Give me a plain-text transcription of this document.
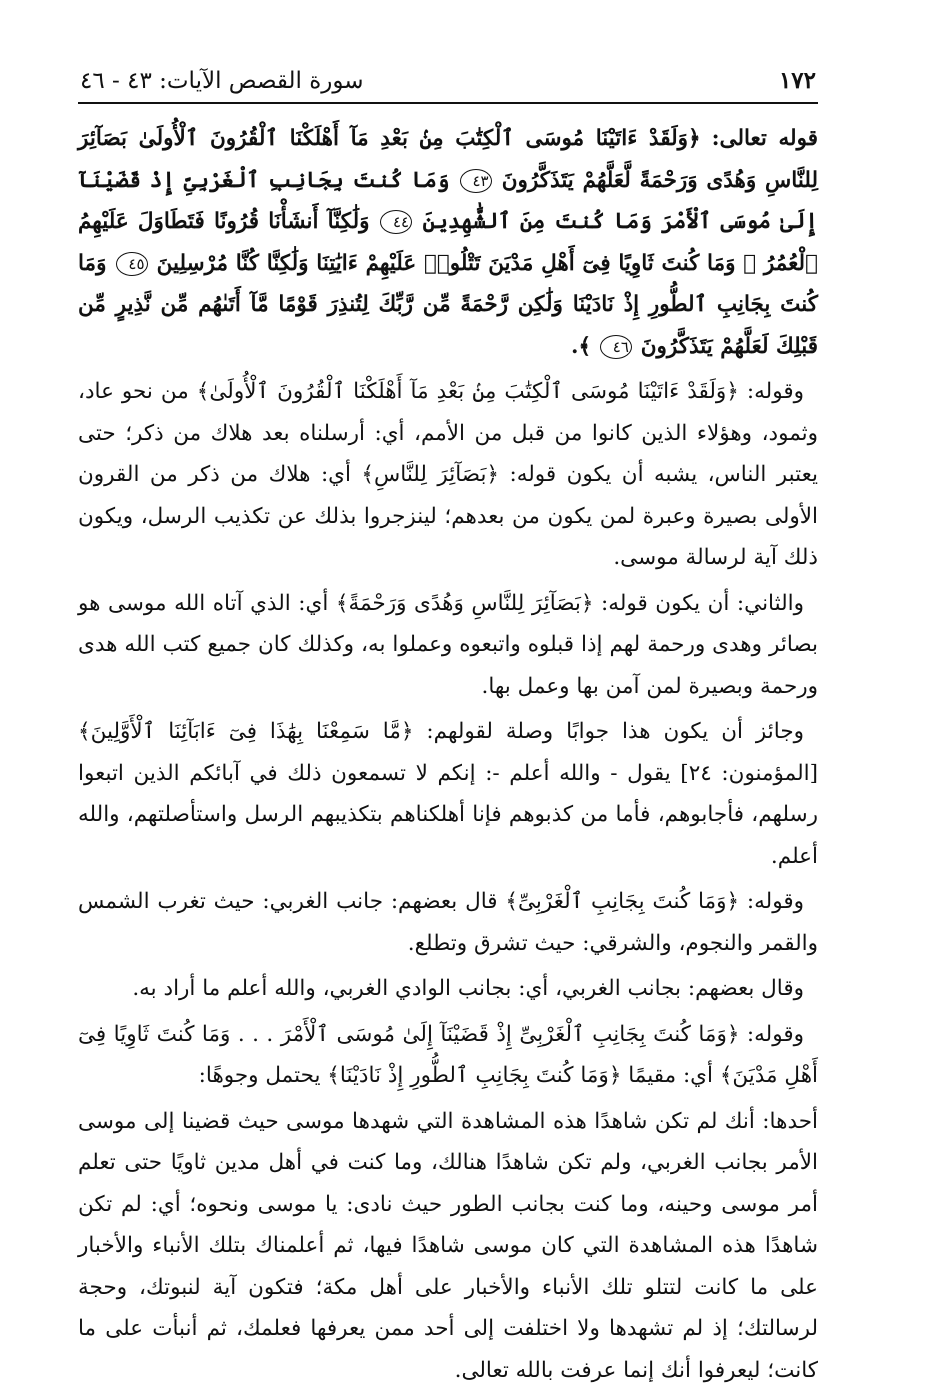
١٧٢
سورة القصص الآيات: ٤٣ - ٤٦

قوله تعالى: ﴿وَلَقَدْ ءَاتَيْنَا مُوسَى ٱلْكِتَٰبَ مِنۢ بَعْدِ مَآ أَهْلَكْنَا ٱلْقُرُونَ ٱلْأُولَىٰ بَصَآئِرَ لِلنَّاسِ وَهُدًى وَرَحْمَةً لَّعَلَّهُمْ يَتَذَكَّرُونَ ٤٣ وَمَا كُنتَ بِجَانِبِ ٱلْغَرْبِىِّ إِذْ قَضَيْنَآ إِلَىٰ مُوسَى ٱلْأَمْرَ وَمَا كُنتَ مِنَ ٱلشَّٰهِدِينَ ٤٤ وَلَٰكِنَّآ أَنشَأْنَا قُرُونًا فَتَطَاوَلَ عَلَيْهِمُ ٱلْعُمُرُ ۚ وَمَا كُنتَ ثَاوِيًا فِىٓ أَهْلِ مَدْيَنَ تَتْلُوا۟ عَلَيْهِمْ ءَايَٰتِنَا وَلَٰكِنَّا كُنَّا مُرْسِلِينَ ٤٥ وَمَا كُنتَ بِجَانِبِ ٱلطُّورِ إِذْ نَادَيْنَا وَلَٰكِن رَّحْمَةً مِّن رَّبِّكَ لِتُنذِرَ قَوْمًا مَّآ أَتَىٰهُم مِّن نَّذِيرٍ مِّن قَبْلِكَ لَعَلَّهُمْ يَتَذَكَّرُونَ ٤٦ ﴾.

وقوله: ﴿وَلَقَدْ ءَاتَيْنَا مُوسَى ٱلْكِتَٰبَ مِنۢ بَعْدِ مَآ أَهْلَكْنَا ٱلْقُرُونَ ٱلْأُولَىٰ﴾ من نحو عاد، وثمود، وهؤلاء الذين كانوا من قبل من الأمم، أي: أرسلناه بعد هلاك من ذكر؛ حتى يعتبر الناس، يشبه أن يكون قوله: ﴿بَصَآئِرَ لِلنَّاسِ﴾ أي: هلاك من ذكر من القرون الأولى بصيرة وعبرة لمن يكون من بعدهم؛ لينزجروا بذلك عن تكذيب الرسل، ويكون ذلك آية لرسالة موسى.

والثاني: أن يكون قوله: ﴿بَصَآئِرَ لِلنَّاسِ وَهُدًى وَرَحْمَةً﴾ أي: الذي آتاه الله موسى هو بصائر وهدى ورحمة لهم إذا قبلوه واتبعوه وعملوا به، وكذلك كان جميع كتب الله هدى ورحمة وبصيرة لمن آمن بها وعمل بها.

وجائز أن يكون هذا جوابًا وصلة لقولهم: ﴿مَّا سَمِعْنَا بِهَٰذَا فِىٓ ءَابَآئِنَا ٱلْأَوَّلِينَ﴾ [المؤمنون: ٢٤] يقول - والله أعلم -: إنكم لا تسمعون ذلك في آبائكم الذين اتبعوا رسلهم، فأجابوهم، فأما من كذبوهم فإنا أهلكناهم بتكذيبهم الرسل واستأصلتهم، والله أعلم.

وقوله: ﴿وَمَا كُنتَ بِجَانِبِ ٱلْغَرْبِىِّ﴾ قال بعضهم: جانب الغربي: حيث تغرب الشمس والقمر والنجوم، والشرقي: حيث تشرق وتطلع.

وقال بعضهم: بجانب الغربي، أي: بجانب الوادي الغربي، والله أعلم ما أراد به.

وقوله: ﴿وَمَا كُنتَ بِجَانِبِ ٱلْغَرْبِىِّ إِذْ قَضَيْنَآ إِلَىٰ مُوسَى ٱلْأَمْرَ . . . وَمَا كُنتَ ثَاوِيًا فِىٓ أَهْلِ مَدْيَنَ﴾ أي: مقيمًا ﴿وَمَا كُنتَ بِجَانِبِ ٱلطُّورِ إِذْ نَادَيْنَا﴾ يحتمل وجوهًا:

أحدها: أنك لم تكن شاهدًا هذه المشاهدة التي شهدها موسى حيث قضينا إلى موسى الأمر بجانب الغربي، ولم تكن شاهدًا هنالك، وما كنت في أهل مدين ثاويًا حتى تعلم أمر موسى وحينه، وما كنت بجانب الطور حيث نادى: يا موسى ونحوه؛ أي: لم تكن شاهدًا هذه المشاهدة التي كان موسى شاهدًا فيها، ثم أعلمناك بتلك الأنباء والأخبار على ما كانت لتتلو تلك الأنباء والأخبار على أهل مكة؛ فتكون آية لنبوتك، وحجة لرسالتك؛ إذ لم تشهدها ولا اختلفت إلى أحد ممن يعرفها فعلمك، ثم أنبأت على ما كانت؛ ليعرفوا أنك إنما عرفت بالله تعالى.
